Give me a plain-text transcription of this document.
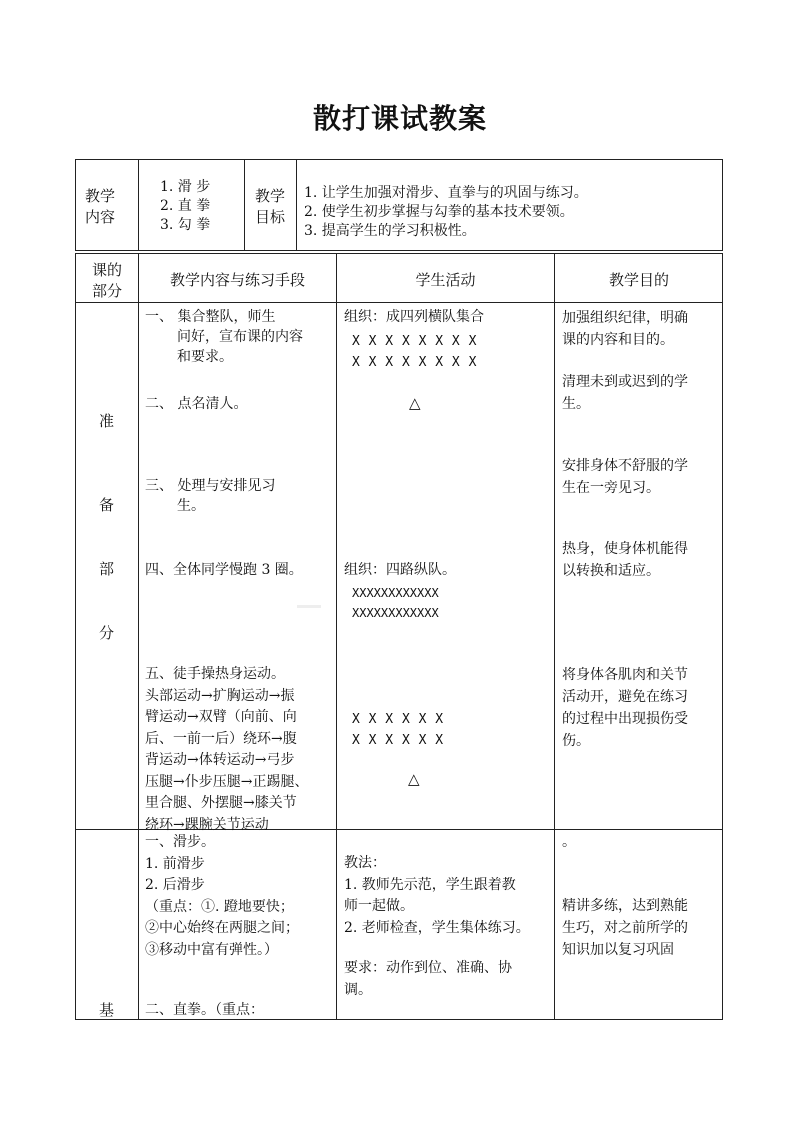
散打课试教案
教学
内容
1. 滑 步
2. 直 拳
3. 勾 拳
教学
目标
1. 让学生加强对滑步、直拳与的巩固与练习。
2. 使学生初步掌握与勾拳的基本技术要领。
3. 提高学生的学习积极性。
课的
部分
教学内容与练习手段	学生活动	教学目的
准
备
部
分
一、 集合整队，师生
问好，宣布课的内容
和要求。
二、 点名清人。
三、 处理与安排见习
生。
四、全体同学慢跑 3 圈。
五、徒手操热身运动。
头部运动→扩胸运动→振
臂运动→双臂（向前、向
后、一前一后）绕环→腹
背运动→体转运动→弓步
压腿→仆步压腿→正踢腿、
里合腿、外摆腿→膝关节
绕环→踝腕关节运动
组织：成四列横队集合
X X X X X X X X
X X X X X X X X
△
组织：四路纵队。
XXXXXXXXXXXX
XXXXXXXXXXXX
X X X X X X
X X X X X X
△
加强组织纪律，明确
课的内容和目的。
清理未到或迟到的学
生。
安排身体不舒服的学
生在一旁见习。
热身，使身体机能得
以转换和适应。
将身体各肌肉和关节
活动开，避免在练习
的过程中出现损伤受
伤。
基
一、滑步。
1. 前滑步
2. 后滑步
（重点：①. 蹬地要快；
②中心始终在两腿之间；
③移动中富有弹性。）
二、直拳。（重点：
教法：
1. 教师先示范，学生跟着教
师一起做。
2. 老师检查，学生集体练习。
要求：动作到位、准确、协
调。
。
精讲多练，达到熟能
生巧，对之前所学的
知识加以复习巩固
